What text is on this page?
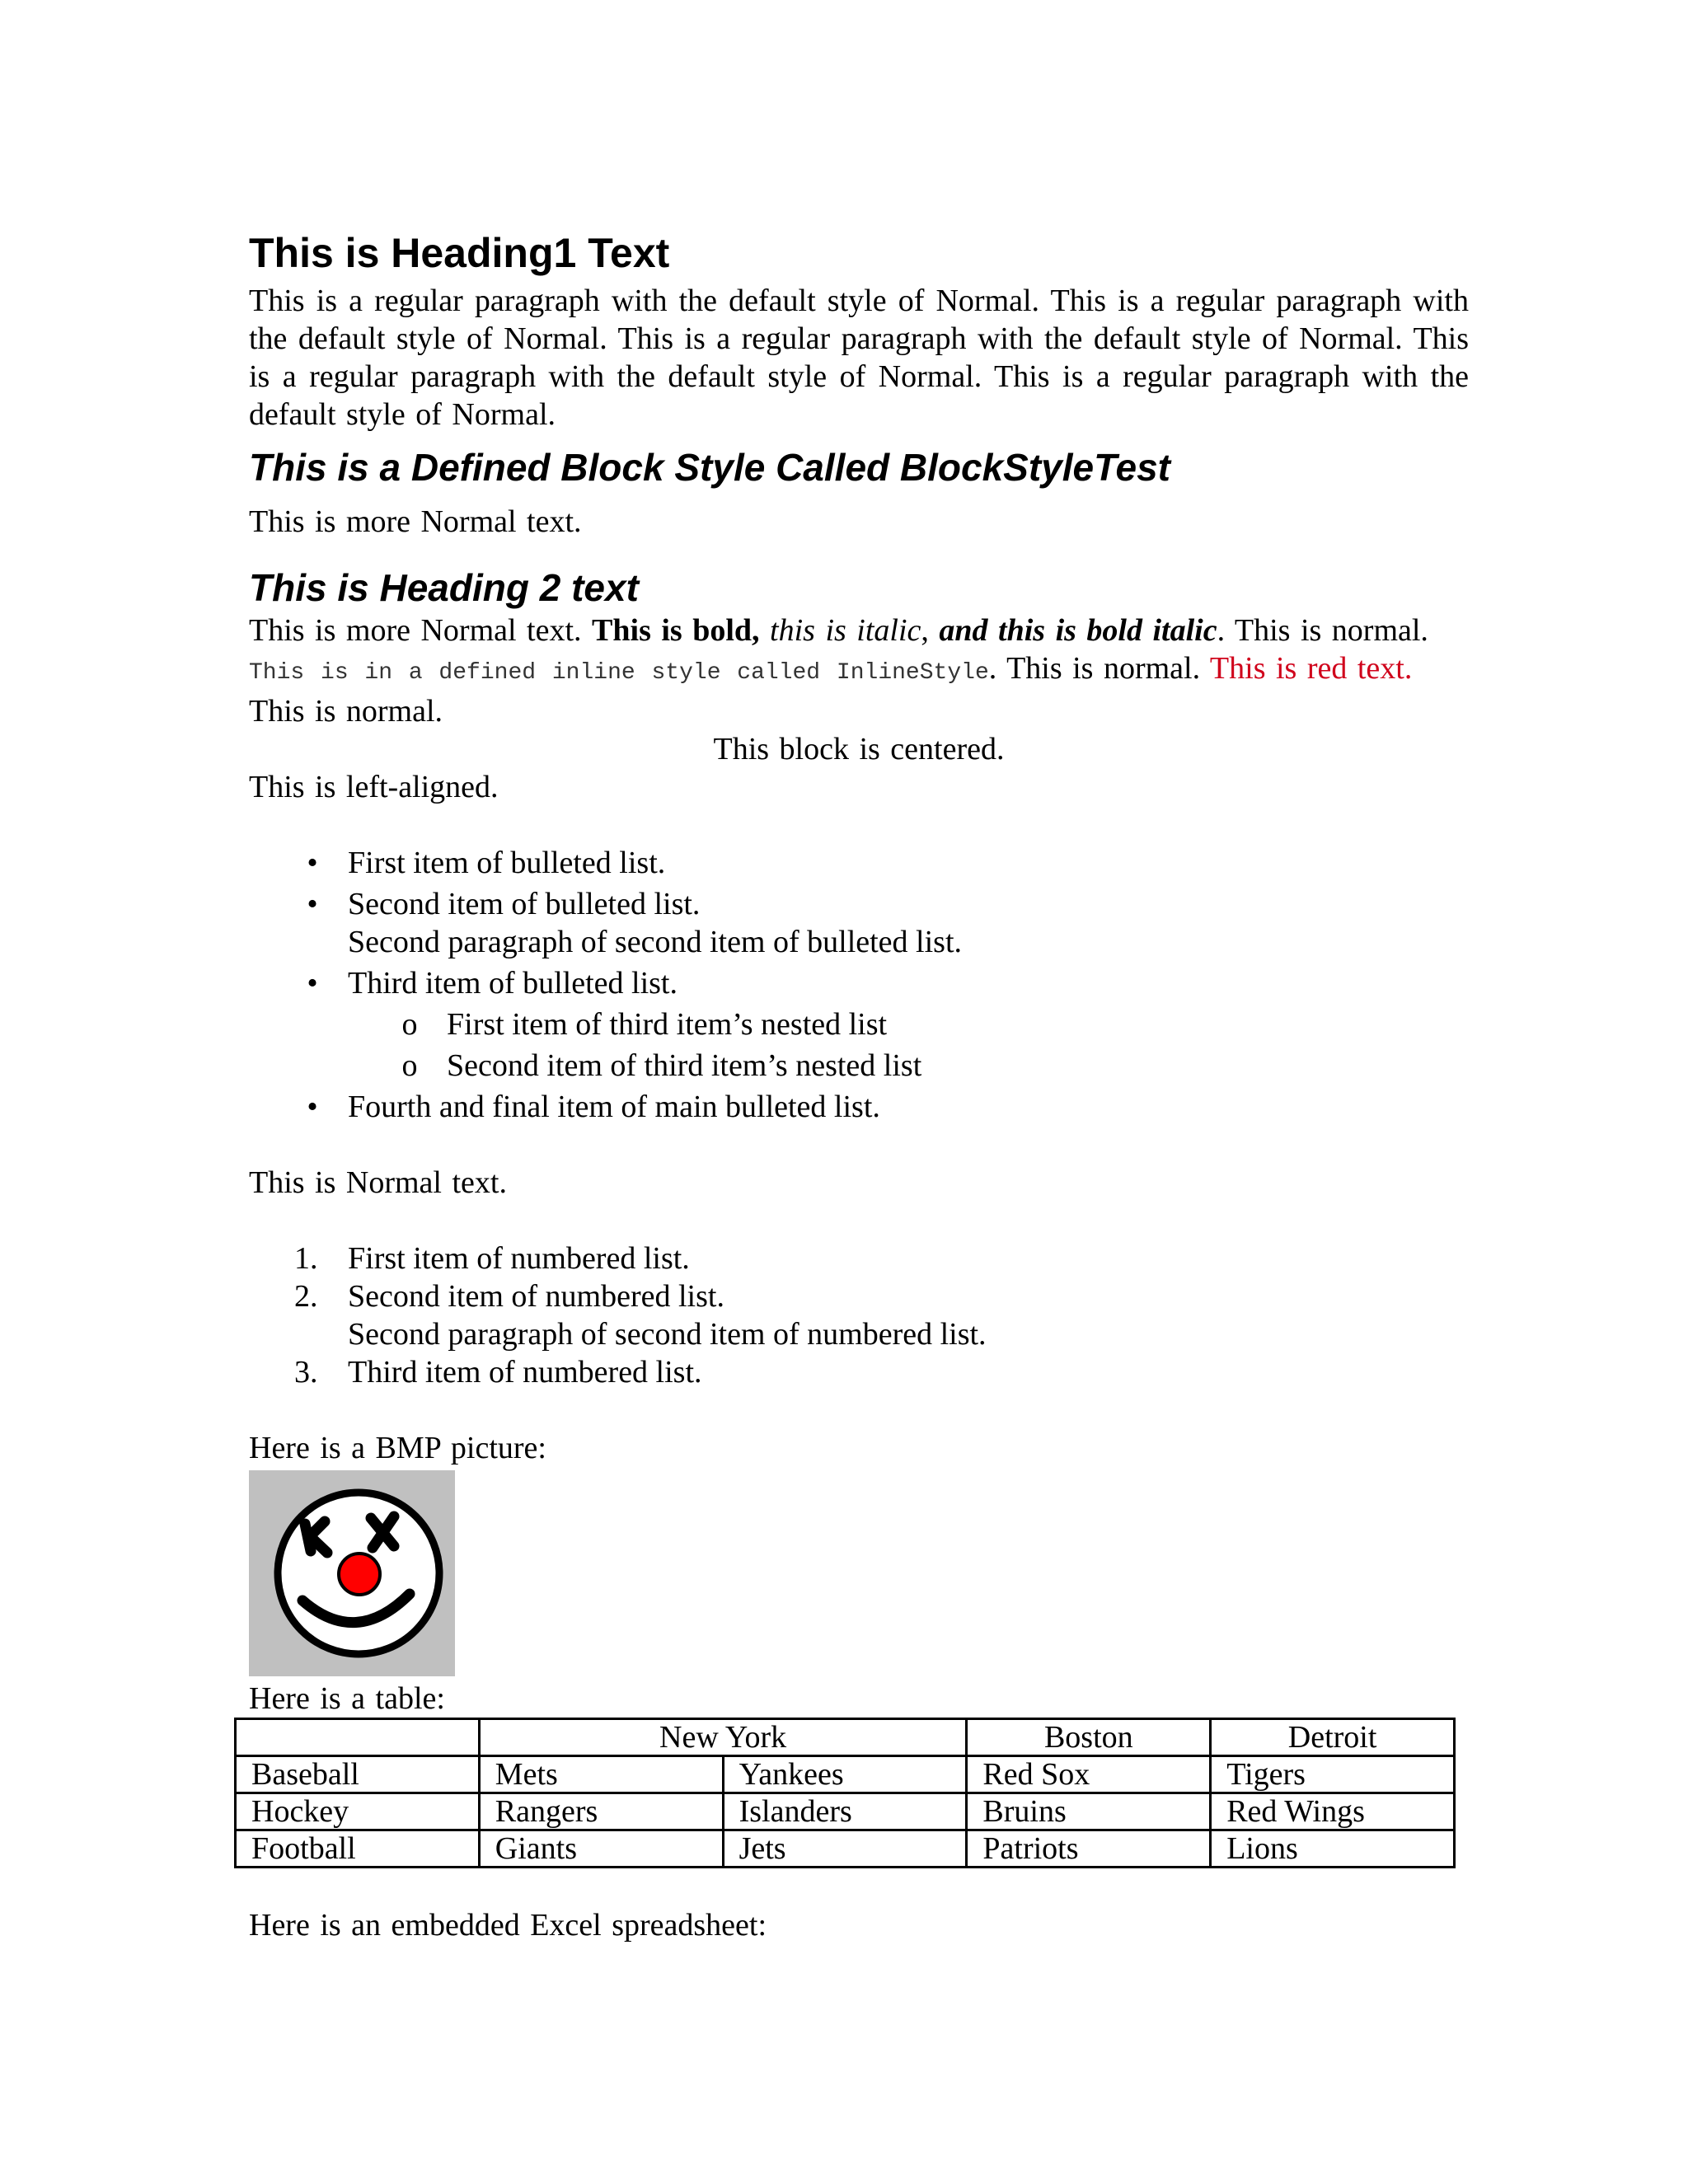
This is Heading1 Text

This is a regular paragraph with the default style of Normal. This is a regular paragraph with the default style of Normal. This is a regular paragraph with the default style of Normal. This is a regular paragraph with the default style of Normal. This is a regular paragraph with the default style of Normal.

This is a Defined Block Style Called BlockStyleTest

This is more Normal text.

This is Heading 2 text

This is more Normal text. This is bold, this is italic, and this is bold italic. This is normal. This is in a defined inline style called InlineStyle. This is normal. This is red text. This is normal.

This block is centered.

This is left-aligned.

• First item of bulleted list.
• Second item of bulleted list.
Second paragraph of second item of bulleted list.
• Third item of bulleted list.
o First item of third item’s nested list
o Second item of third item’s nested list
• Fourth and final item of main bulleted list.

This is Normal text.

1. First item of numbered list.
2. Second item of numbered list.
Second paragraph of second item of numbered list.
3. Third item of numbered list.

Here is a BMP picture:

Here is a table:

	New York		Boston	Detroit
Baseball	Mets	Yankees	Red Sox	Tigers
Hockey	Rangers	Islanders	Bruins	Red Wings
Football	Giants	Jets	Patriots	Lions

Here is an embedded Excel spreadsheet:
